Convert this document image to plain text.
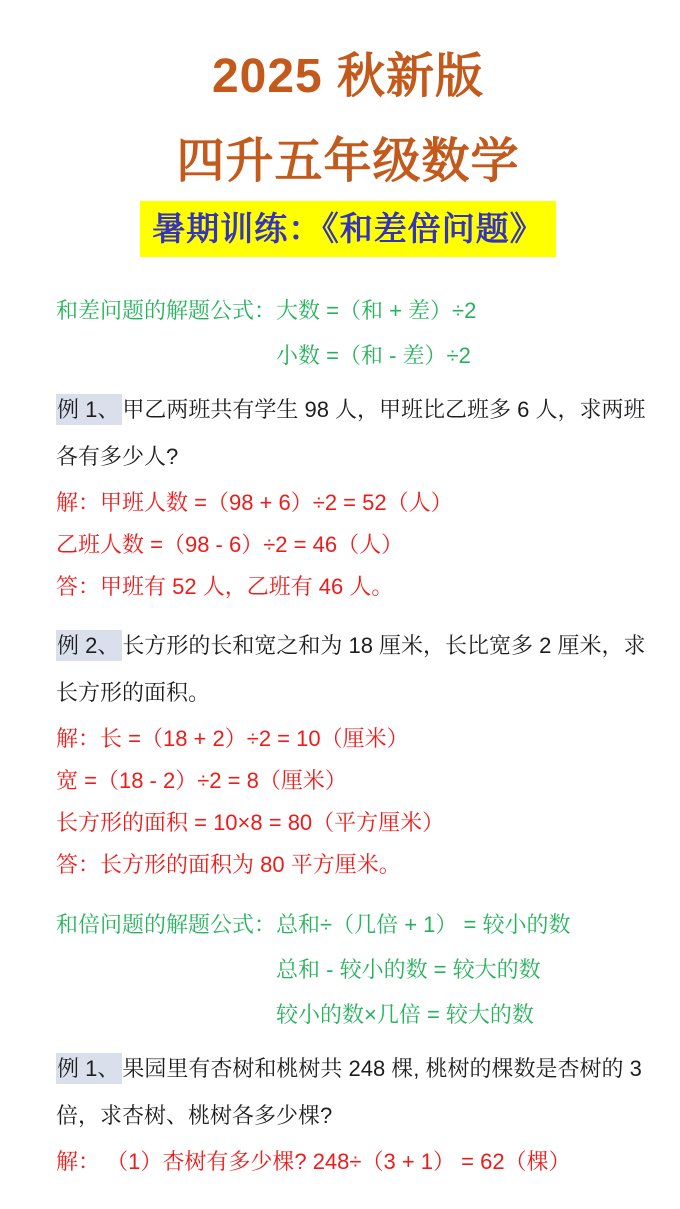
2025 秋新版
四升五年级数学
暑期训练：《和差倍问题》
和差问题的解题公式： 大数 =（和 + 差）÷2
小数 =（和 - 差）÷2
例 1、 甲乙两班共有学生 98 人，甲班比乙班多 6 人，求两班
各有多少人?
解：甲班人数 =（98 + 6）÷2 = 52（人）
乙班人数 =（98 - 6）÷2 = 46（人）
答：甲班有 52 人，乙班有 46 人。
例 2、 长方形的长和宽之和为 18 厘米，长比宽多 2 厘米，求
长方形的面积。
解：长 =（18 + 2）÷2 = 10（厘米）
宽 =（18 - 2）÷2 = 8（厘米）
长方形的面积 = 10×8 = 80（平方厘米）
答：长方形的面积为 80 平方厘米。
和倍问题的解题公式： 总和÷（几倍 + 1） = 较小的数
总和 - 较小的数 = 较大的数
较小的数×几倍 = 较大的数
例 1、 果园里有杏树和桃树共 248 棵, 桃树的棵数是杏树的 3
倍，求杏树、桃树各多少棵?
解： （1）杏树有多少棵? 248÷（3 + 1） = 62（棵）
